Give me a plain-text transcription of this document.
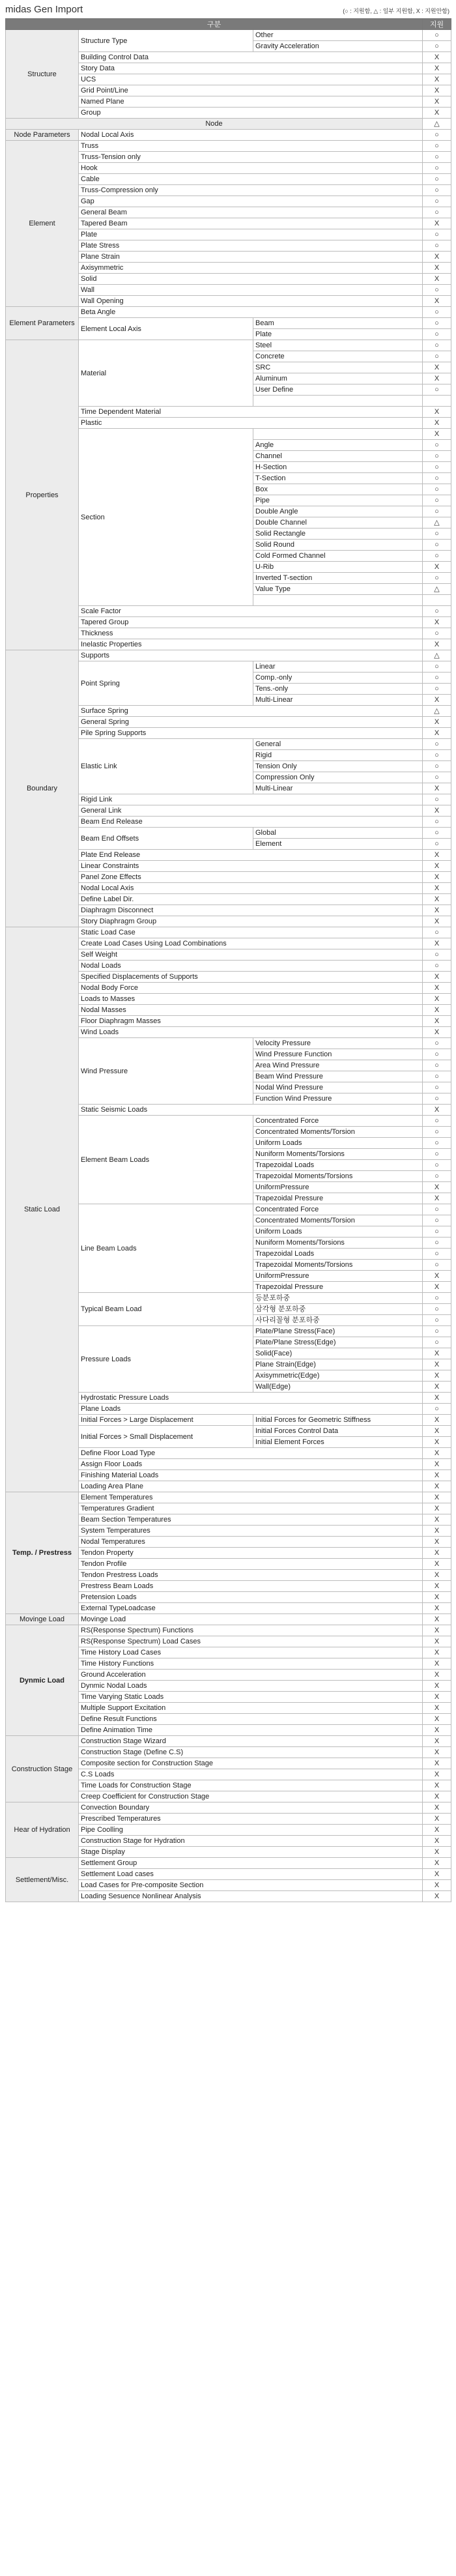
midas Gen Import	(○ : 지원함, △ : 일부 지원함, X : 지원안함)
구분			지원
Structure	Structure Type	Other	○
		Gravity Acceleration	○
	Building Control Data		X
	Story Data		X
	UCS		X
	Grid Point/Line		X
	Named Plane		X
	Group		X
Node			△
Node Parameters	Nodal Local Axis		○
Element	Truss		○
	Truss-Tension only		○
	Hook		○
	Cable		○
	Truss-Compression only		○
	Gap		○
	General Beam		○
	Tapered Beam		X
	Plate		○
	Plate Stress		○
	Plane Strain		X
	Axisymmetric		X
	Solid		X
	Wall		○
	Wall Opening		X
Element Parameters	Beta Angle		○
	Element Local Axis	Beam	○
		Plate	○
Properties	Material	Steel	○
		Concrete	○
		SRC	X
		Aluminum	X
		User Define	○

	Time Dependent Material		X
	Plastic		X
	Section		X
		Angle	○
		Channel	○
		H-Section	○
		T-Section	○
		Box	○
		Pipe	○
		Double Angle	○
		Double Channel	△
		Solid Rectangle	○
		Solid Round	○
		Cold Formed Channel	○
		U-Rib	X
		Inverted T-section	○
		Value Type	△

	Scale Factor		○
	Tapered Group		X
	Thickness		○
	Inelastic Properties		X
Boundary	Supports		△
	Point Spring	Linear	○
		Comp.-only	○
		Tens.-only	○
		Multi-Linear	X
	Surface Spring		△
	General Spring		X
	Pile Spring Supports		X
	Elastic Link	General	○
		Rigid	○
		Tension Only	○
		Compression Only	○
		Multi-Linear	X
	Rigid Link		○
	General Link		X
	Beam End Release		○
	Beam End Offsets	Global	○
		Element	○
	Plate End Release		X
	Linear Constraints		X
	Panel Zone Effects		X
	Nodal Local Axis		X
	Define Label Dir.		X
	Diaphragm Disconnect		X
	Story Diaphragm Group		X
Static Load	Static Load Case		○
	Create Load Cases Using Load Combinations		X
	Self Weight		○
	Nodal Loads		○
	Specified Displacements of Supports		X
	Nodal Body Force		X
	Loads to Masses		X
	Nodal Masses		X
	Floor Diaphragm Masses		X
	Wind Loads		X
	Wind Pressure	Velocity Pressure	○
		Wind Pressure Function	○
		Area Wind Pressure	○
		Beam Wind Pressure	○
		Nodal Wind Pressure	○
		Function Wind Pressure	○
	Static Seismic Loads		X
	Element Beam Loads	Concentrated Force	○
		Concentrated Moments/Torsion	○
		Uniform Loads	○
		Nuniform Moments/Torsions	○
		Trapezoidal Loads	○
		Trapezoidal Moments/Torsions	○
		UniformPressure	X
		Trapezoidal Pressure	X
	Line Beam Loads	Concentrated Force	○
		Concentrated Moments/Torsion	○
		Uniform Loads	○
		Nuniform Moments/Torsions	○
		Trapezoidal Loads	○
		Trapezoidal Moments/Torsions	○
		UniformPressure	X
		Trapezoidal Pressure	X
	Typical Beam Load	등분포하중	○
		삼각형 분포하중	○
		사다리꼴형 분포하중	○
	Pressure Loads	Plate/Plane Stress(Face)	○
		Plate/Plane Stress(Edge)	○
		Solid(Face)	X
		Plane Strain(Edge)	X
		Axisymmetric(Edge)	X
		Wall(Edge)	X
	Hydrostatic Pressure Loads		X
	Plane Loads		○
	Initial Forces > Large Displacement	Initial Forces for Geometric Stiffness	X
	Initial Forces > Small Displacement	Initial Forces Control Data	X
		Initial Element Forces	X
	Define Floor Load Type		X
	Assign Floor Loads		X
	Finishing Material Loads		X
	Loading Area Plane		X
Temp. / Prestress	Element Temperatures		X
	Temperatures Gradient		X
	Beam Section Temperatures		X
	System Temperatures		X
	Nodal Temperatures		X
	Tendon Property		X
	Tendon Profile		X
	Tendon Prestress Loads		X
	Prestress Beam Loads		X
	Pretension Loads		X
	External TypeLoadcase		X
Movinge Load	Movinge Load		X
Dynmic Load	RS(Response Spectrum) Functions		X
	RS(Response Spectrum) Load Cases		X
	Time History Load Cases		X
	Time History Functions		X
	Ground Acceleration		X
	Dynmic Nodal Loads		X
	Time Varying Static Loads		X
	Multiple Support Excitation		X
	Define Result Functions		X
	Define Animation Time		X
Construction Stage	Construction Stage Wizard		X
	Construction Stage (Define C.S)		X
	Composite section for Construction Stage		X
	C.S Loads		X
	Time Loads for Construction Stage		X
	Creep Coefficient for Construction Stage		X
Hear of Hydration	Convection Boundary		X
	Prescribed Temperatures		X
	Pipe Coolling		X
	Construction Stage for Hydration		X
	Stage Display		X
Settlement/Misc.	Settlement Group		X
	Settlement Load cases		X
	Load Cases for Pre-composite Section		X
	Loading Sesuence Nonlinear Analysis		X
